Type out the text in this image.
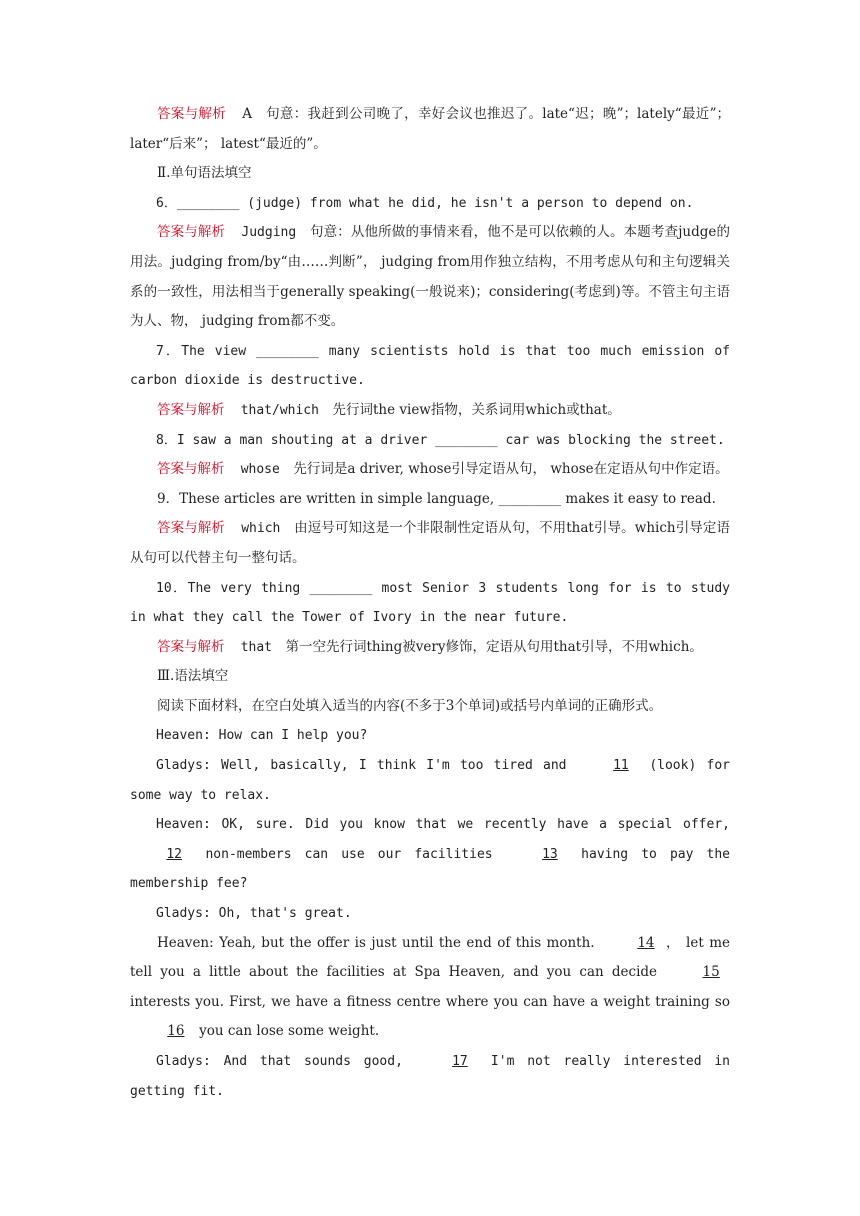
答案与解析 A　 句意：我赶到公司晚了，幸好会议也推迟了。late“迟；晚”；lately“最近”； later“后来”； latest“最近的”。

Ⅱ.单句语法填空

6．________ (judge) from what he did, he isn't a person to depend on.

答案与解析 Judging　 句意：从他所做的事情来看，他不是可以依赖的人。本题考查judge的用法。judging from/by“由……判断”， judging from用作独立结构，不用考虑从句和主句逻辑关系的一致性，用法相当于generally speaking(一般说来)；considering(考虑到)等。不管主句主语为人、物， judging from都不变。

7．The view ________ many scientists hold is that too much emission of carbon dioxide is destructive.

答案与解析 that/which　 先行词the view指物，关系词用which或that。

8．I saw a man shouting at a driver ________ car was blocking the street.

答案与解析 whose　 先行词是a driver, whose引导定语从句， whose在定语从句中作定语。

9．These articles are written in simple language, ________ makes it easy to read.

答案与解析 which　 由逗号可知这是一个非限制性定语从句，不用that引导。which引导定语从句可以代替主句一整句话。

10．The very thing ________ most Senior 3 students long for is to study in what they call the Tower of Ivory in the near future.

答案与解析 that　 第一空先行词thing被very修饰，定语从句用that引导，不用which。

Ⅲ.语法填空

阅读下面材料，在空白处填入适当的内容(不多于3个单词)或括号内单词的正确形式。

Heaven: How can I help you?

Gladys: Well, basically, I think I'm too tired and	11 (look) for some way to relax.

Heaven: OK, sure. Did you know that we recently have a special offer, 12 non-members can use our facilities	13 having to pay the membership fee?

Gladys: Oh, that's great.

Heaven: Yeah, but the offer is just until the end of this month.	14 ， let me tell you a little about the facilities at Spa Heaven, and you can decide	15 interests you. First, we have a fitness centre where you can have a weight training so 16 you can lose some weight.

Gladys: And that sounds good,	17 I'm not really interested in getting fit.
